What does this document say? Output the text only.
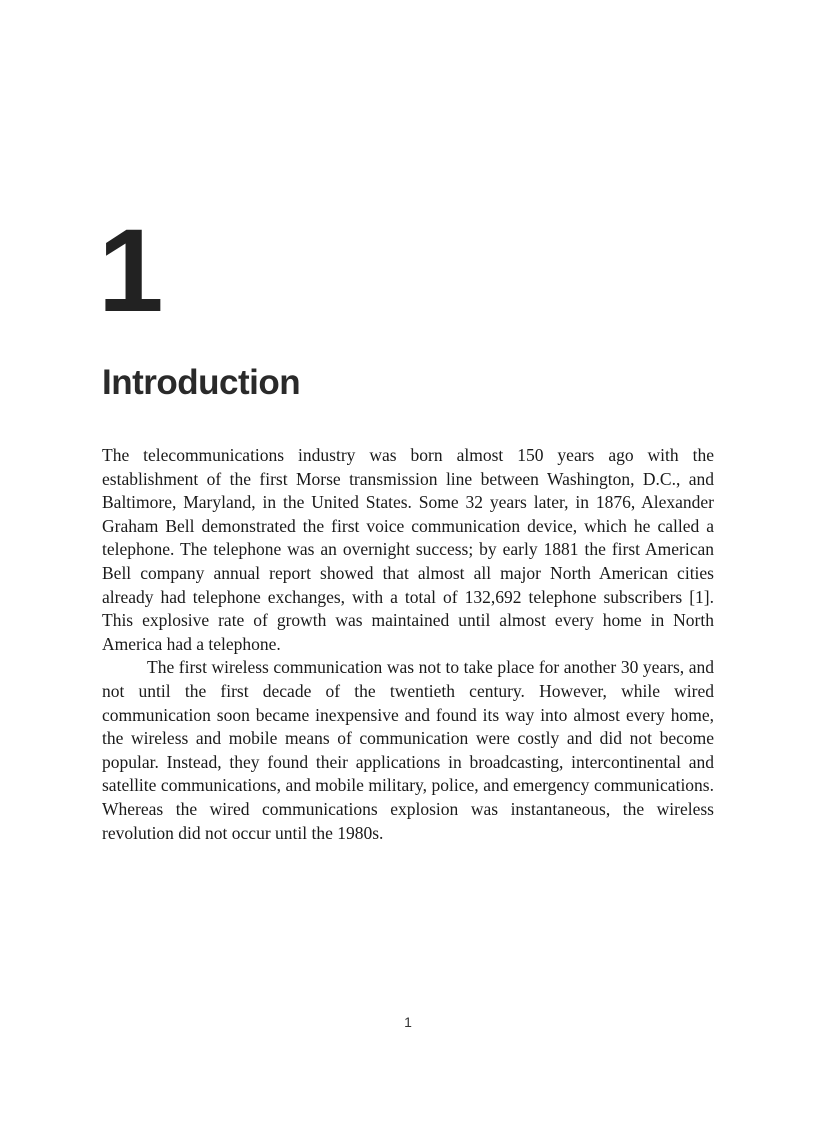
1
Introduction

The telecommunications industry was born almost 150 years ago with the establishment of the first Morse transmission line between Washington, D.C., and Baltimore, Maryland, in the United States. Some 32 years later, in 1876, Alexander Graham Bell demonstrated the first voice communication device, which he called a telephone. The telephone was an overnight success; by early 1881 the first American Bell company annual report showed that almost all major North American cities already had telephone exchanges, with a total of 132,692 telephone subscribers [1]. This explosive rate of growth was maintained until almost every home in North America had a telephone.

The first wireless communication was not to take place for another 30 years, and not until the first decade of the twentieth century. However, while wired communication soon became inexpensive and found its way into almost every home, the wireless and mobile means of communication were costly and did not become popular. Instead, they found their applications in broadcasting, intercontinental and satellite communications, and mobile military, police, and emergency communications. Whereas the wired communications explosion was instantaneous, the wireless revolution did not occur until the 1980s.

1
